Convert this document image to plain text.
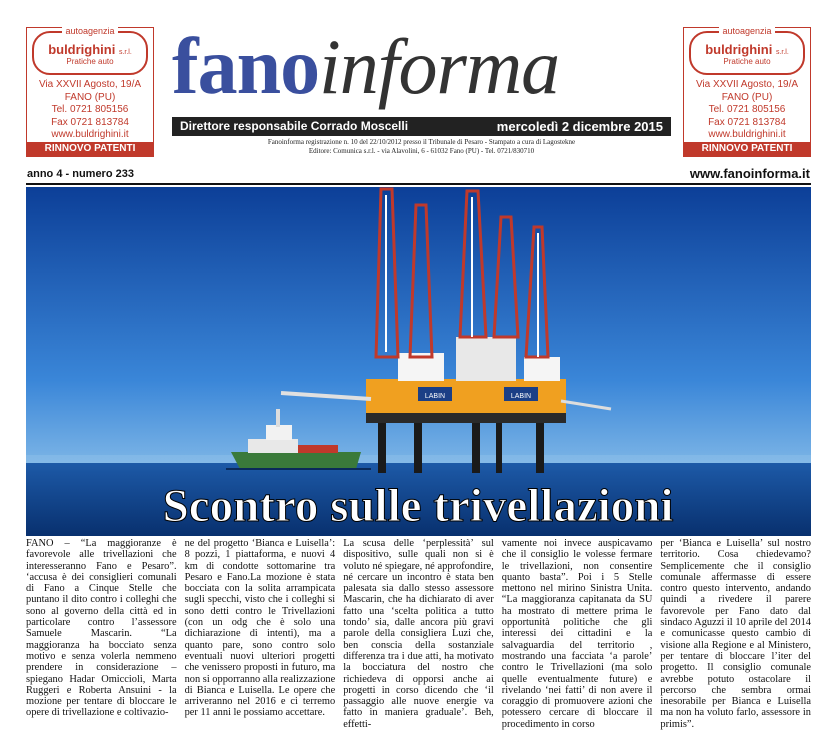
autoagenzia
buldrighini s.r.l.
Pratiche auto
Via XXVII Agosto, 19/A
FANO (PU)
Tel. 0721 805156
Fax 0721 813784
www.buldrighini.it
RINNOVO PATENTI
autoagenzia
buldrighini s.r.l.
Pratiche auto
Via XXVII Agosto, 19/A
FANO (PU)
Tel. 0721 805156
Fax 0721 813784
www.buldrighini.it
RINNOVO PATENTI
fanoinforma
Direttore responsabile Corrado Moscelli	mercoledì 2 dicembre 2015
Fanoinforma registrazione n. 10 del 22/10/2012 presso il Tribunale di Pesaro - Stampato a cura di Lagostekne
Editore: Comunica s.r.l. - via Alavolini, 6 - 61032 Fano (PU) - Tel. 0721/830710
anno 4 - numero 233	www.fanoinforma.it
LABIN	LABIN
Scontro sulle trivellazioni

FANO – “La maggioranze è favorevole alle trivellazioni che interesseranno Fano e Pesaro”. ‘accusa è dei consiglieri comunali di Fano a Cinque Stelle che puntano il dito contro i colleghi che sono al governo della città ed in particolare contro l’assessore Samuele Mascarin. “La maggioranza ha bocciato senza motivo e senza volerla nemmeno prendere in considerazione – spiegano Hadar Omiccioli, Marta Ruggeri e Roberta Ansuini - la mozione per tentare di bloccare le opere di trivellazione e coltivazio-

ne del progetto ‘Bianca e Luisella’: 8 pozzi, 1 piattaforma, e nuovi 4 km di condotte sottomarine tra Pesaro e Fano.La mozione è stata bocciata con la solita arrampicata sugli specchi, visto che i colleghi si sono detti contro le Trivellazioni (con un odg che è solo una dichiarazione di intenti), ma a quanto pare, sono contro solo eventuali nuovi ulteriori progetti che venissero proposti in futuro, ma non si opporranno alla realizzazione di Bianca e Luisella. Le opere che arriveranno nel 2016 e ci terremo per 11 anni le possiamo accettare.

La scusa delle ‘perplessità’ sul dispositivo, sulle quali non si è voluto né spiegare, né approfondire, né cercare un incontro è stata ben palesata sia dallo stesso assessore Mascarin, che ha dichiarato di aver fatto una ‘scelta politica a tutto tondo’ sia, dalle ancora più gravi parole della consigliera Luzi che, ben conscia della sostanziale differenza tra i due atti, ha motivato la bocciatura del nostro che richiedeva di opporsi anche ai progetti in corso dicendo che ‘il passaggio alle nuove energie va fatto in maniera graduale’. Beh, effetti-

vamente noi invece auspicavamo che il consiglio le volesse fermare le trivellazioni, non consentire quanto basta”. Poi i 5 Stelle mettono nel mirino Sinistra Unita. “La maggioranza capitanata da SU ha mostrato di mettere prima le opportunità politiche che gli interessi dei cittadini e la salvaguardia del territorio , mostrando una facciata ‘a parole’ contro le Trivellazioni (ma solo quelle eventualmente future) e rivelando ‘nei fatti’ di non avere il coraggio di promuovere azioni che potessero cercare di bloccare il procedimento in corso

per ‘Bianca e Luisella’ sul nostro territorio. Cosa chiedevamo? Semplicemente che il consiglio comunale affermasse di essere contro questo intervento, andando quindi a rivedere il parere favorevole per Fano dato dal sindaco Aguzzi il 10 aprile del 2014 e comunicasse questo cambio di visione alla Regione e al Ministero, per tentare di bloccare l’iter del progetto. Il consiglio comunale avrebbe potuto ostacolare il percorso che sembra ormai inesorabile per Bianca e Luisella ma non ha voluto farlo, assessore in primis”.
